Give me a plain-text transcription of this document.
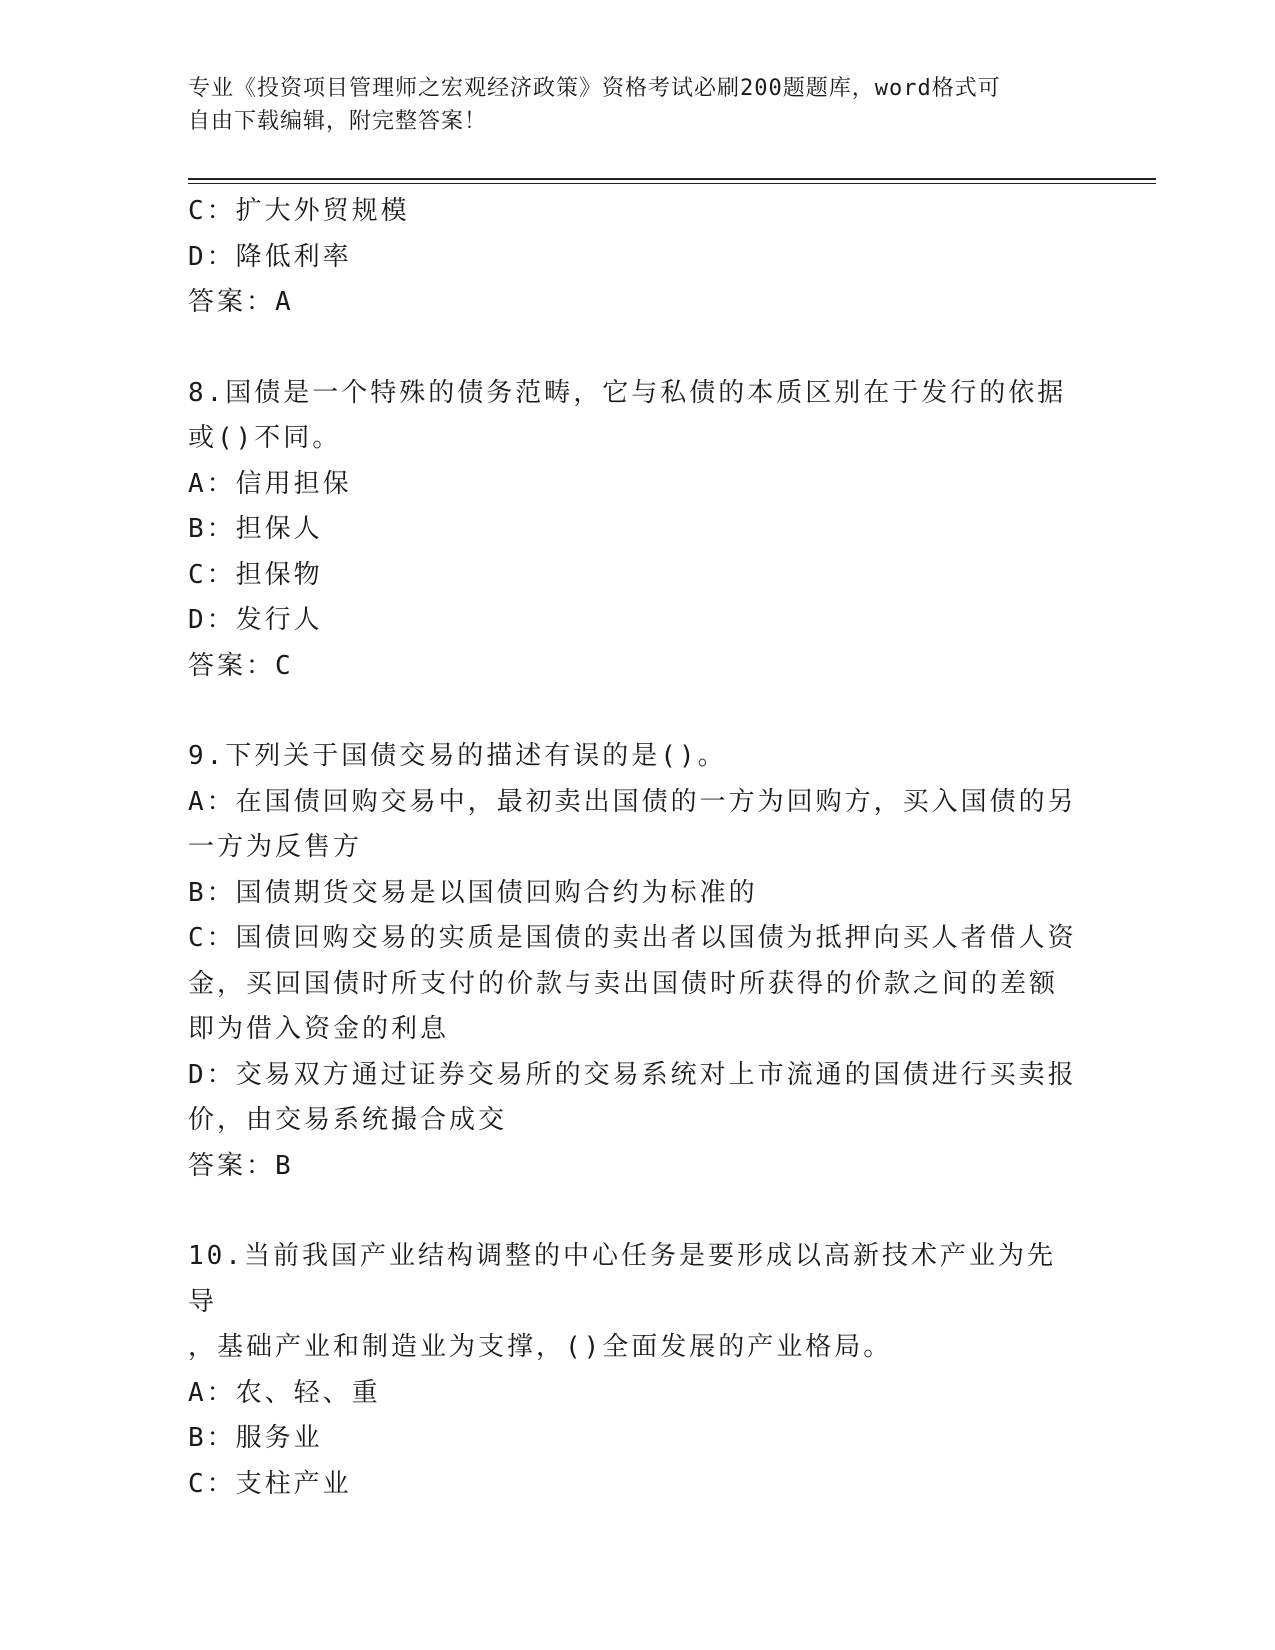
专业《投资项目管理师之宏观经济政策》资格考试必刷200题题库，word格式可
自由下载编辑，附完整答案！
C：扩大外贸规模
D：降低利率
答案：A
8.国债是一个特殊的债务范畴，它与私债的本质区别在于发行的依据
或()不同。
A：信用担保
B：担保人
C：担保物
D：发行人
答案：C
9.下列关于国债交易的描述有误的是()。
A：在国债回购交易中，最初卖出国债的一方为回购方，买入国债的另
一方为反售方
B：国债期货交易是以国债回购合约为标准的
C：国债回购交易的实质是国债的卖出者以国债为抵押向买人者借人资
金，买回国债时所支付的价款与卖出国债时所获得的价款之间的差额
即为借入资金的利息
D：交易双方通过证券交易所的交易系统对上市流通的国债进行买卖报
价，由交易系统撮合成交
答案：B
10.当前我国产业结构调整的中心任务是要形成以高新技术产业为先导
，基础产业和制造业为支撑，()全面发展的产业格局。
A：农、轻、重
B：服务业
C：支柱产业
